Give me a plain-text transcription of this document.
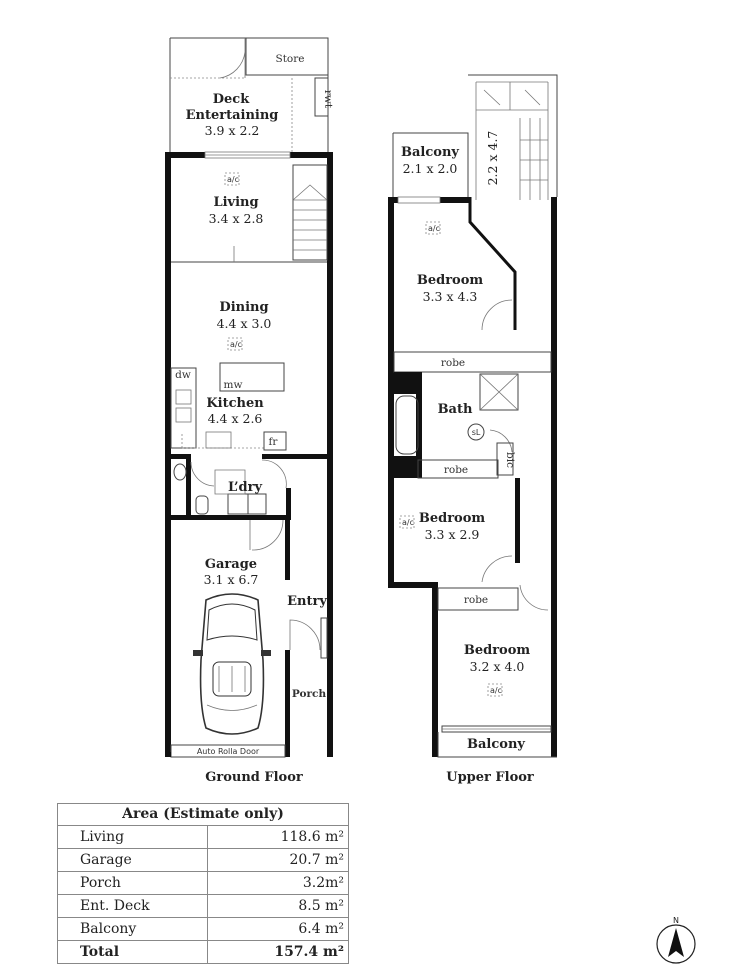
a/c
a/c
Deck
Entertaining
3.9 x 2.2
Store
rwt
Living
3.4 x 2.8
Dining
4.4 x 3.0
dw
mw
Kitchen
4.4 x 2.6
fr
L’dry
Garage
3.1 x 6.7
Entry
Porch
Auto Rolla Door
Ground Floor
a/c
a/c
a/c
Balcony
2.1 x 2.0 2.2 x 4.7
Bedroom
3.3 x 4.3
robe
Bath
sL
bic
robe
Bedroom
3.3 x 2.9
robe
Bedroom
3.2 x 4.0
Balcony
Upper Floor
Area (Estimate only)	
Living	118.6 m²
Garage	20.7 m²
Porch	3.2m²
Ent. Deck	8.5 m²
Balcony	6.4 m²
Total	157.4 m²
N
